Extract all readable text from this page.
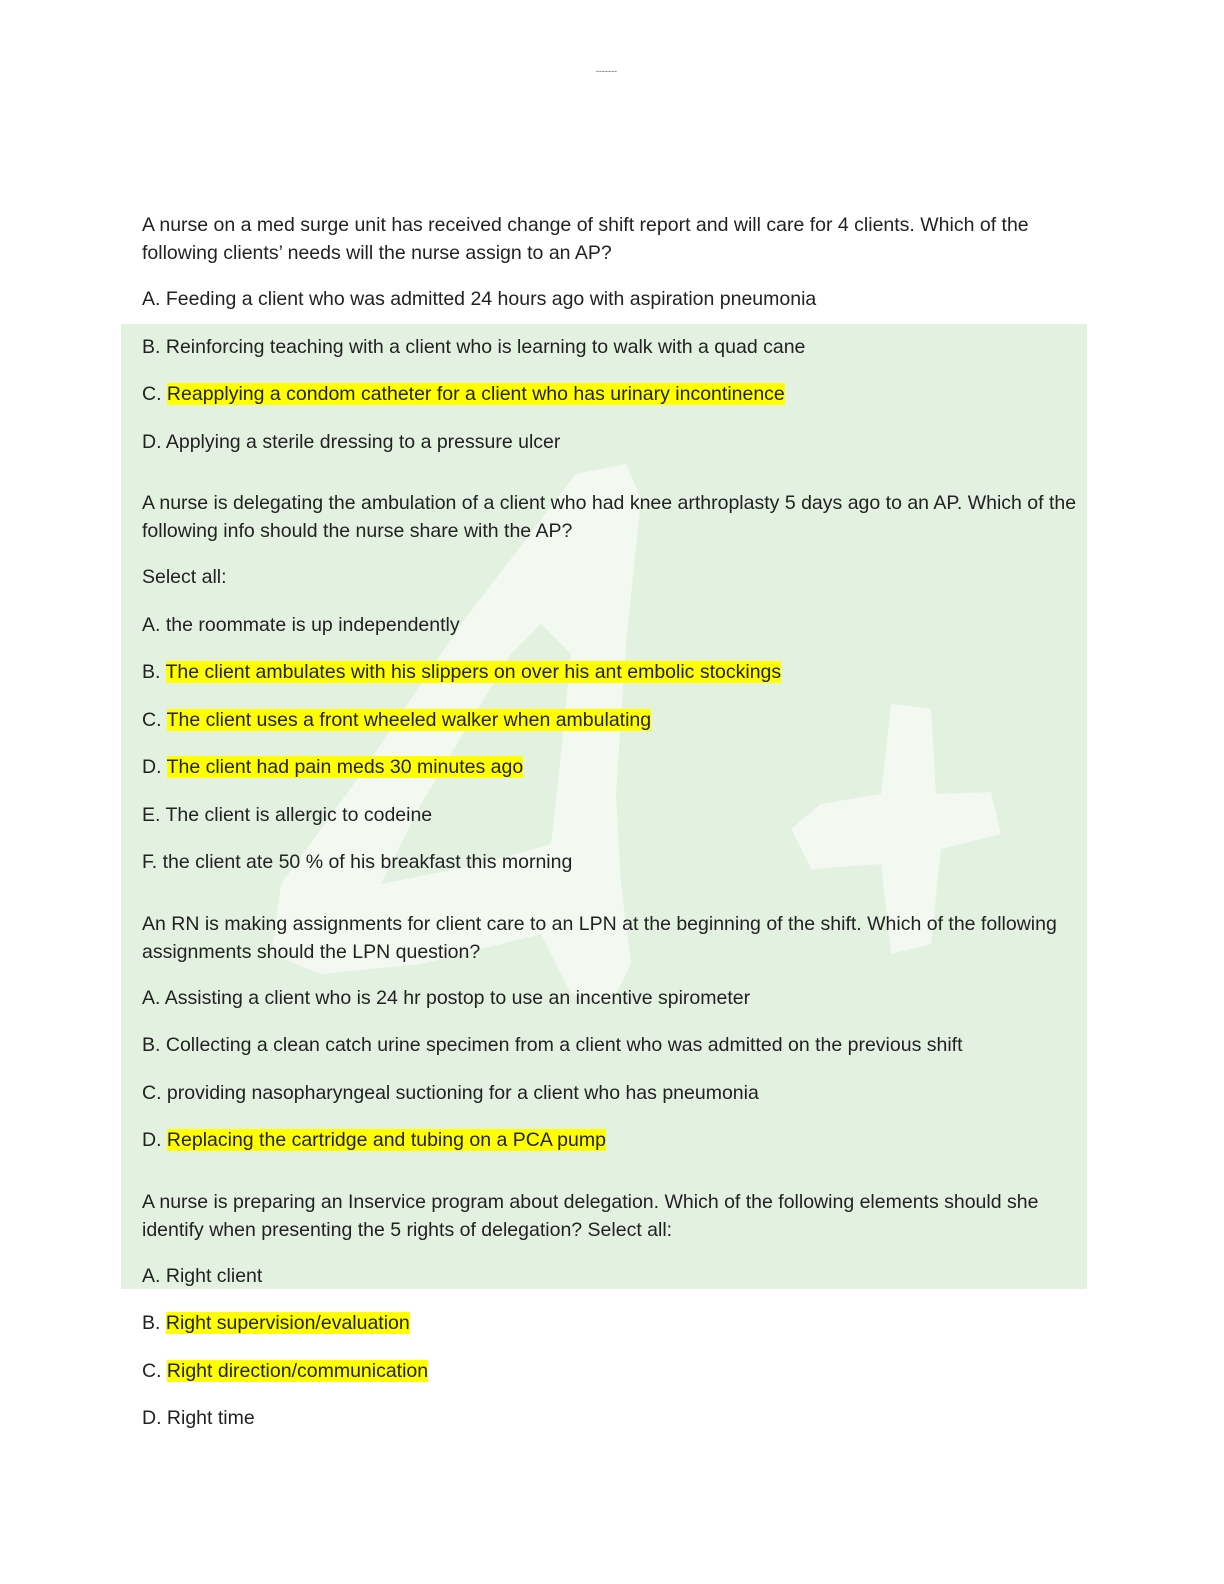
-------

A nurse on a med surge unit has received change of shift report and will care for 4 clients. Which of the following clients’ needs will the nurse assign to an AP?

A. Feeding a client who was admitted 24 hours ago with aspiration pneumonia
B. Reinforcing teaching with a client who is learning to walk with a quad cane
C. Reapplying a condom catheter for a client who has urinary incontinence
D. Applying a sterile dressing to a pressure ulcer

A nurse is delegating the ambulation of a client who had knee arthroplasty 5 days ago to an AP. Which of the following info should the nurse share with the AP?

Select all:

A. the roommate is up independently
B. The client ambulates with his slippers on over his ant embolic stockings
C. The client uses a front wheeled walker when ambulating
D. The client had pain meds 30 minutes ago
E. The client is allergic to codeine
F. the client ate 50 % of his breakfast this morning

An RN is making assignments for client care to an LPN at the beginning of the shift. Which of the following assignments should the LPN question?

A. Assisting a client who is 24 hr postop to use an incentive spirometer
B. Collecting a clean catch urine specimen from a client who was admitted on the previous shift
C. providing nasopharyngeal suctioning for a client who has pneumonia
D. Replacing the cartridge and tubing on a PCA pump

A nurse is preparing an Inservice program about delegation. Which of the following elements should she identify when presenting the 5 rights of delegation? Select all:

A. Right client
B. Right supervision/evaluation
C. Right direction/communication
D. Right time
